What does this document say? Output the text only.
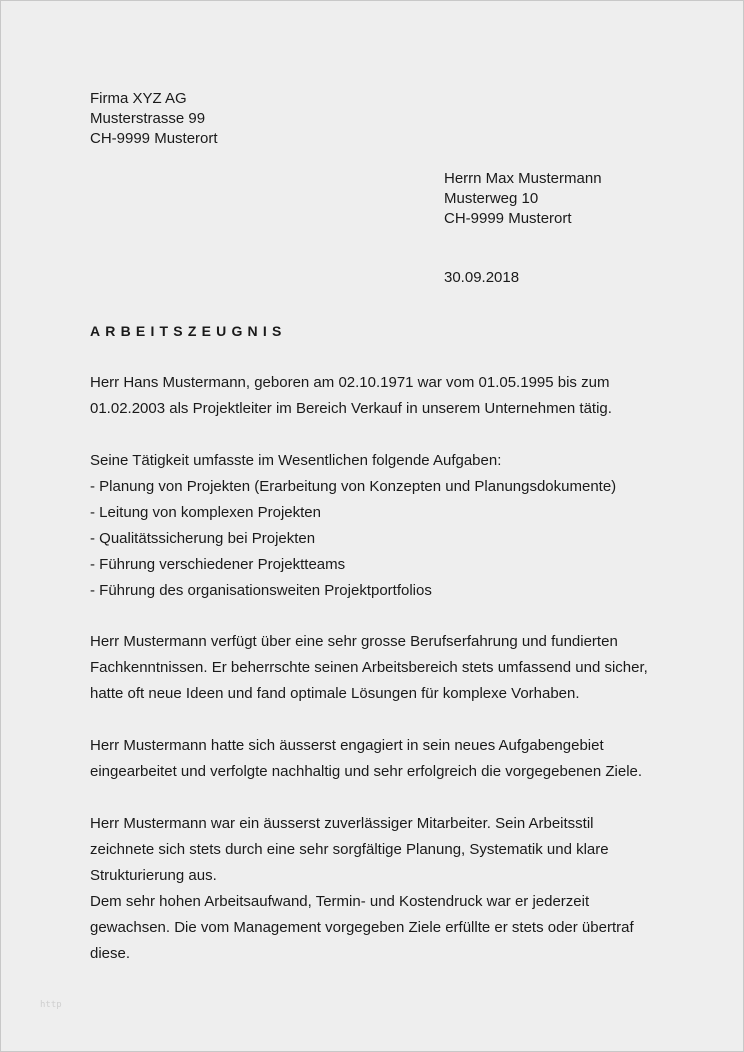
Firma XYZ AG
Musterstrasse 99
CH-9999 Musterort
Herrn Max Mustermann
Musterweg 10
CH-9999 Musterort
30.09.2018
ARBEITSZEUGNIS
Herr Hans Mustermann, geboren am 02.10.1971 war vom 01.05.1995 bis zum
01.02.2003 als Projektleiter im Bereich Verkauf in unserem Unternehmen tätig.
Seine Tätigkeit umfasste im Wesentlichen folgende Aufgaben:
- Planung von Projekten (Erarbeitung von Konzepten und Planungsdokumente)
- Leitung von komplexen Projekten
- Qualitätssicherung bei Projekten
- Führung verschiedener Projektteams
- Führung des organisationsweiten Projektportfolios
Herr Mustermann verfügt über eine sehr grosse Berufserfahrung und fundierten
Fachkenntnissen. Er beherrschte seinen Arbeitsbereich stets umfassend und sicher,
hatte oft neue Ideen und fand optimale Lösungen für komplexe Vorhaben.
Herr Mustermann hatte sich äusserst engagiert in sein neues Aufgabengebiet
eingearbeitet und verfolgte nachhaltig und sehr erfolgreich die vorgegebenen Ziele.
Herr Mustermann war ein äusserst zuverlässiger Mitarbeiter. Sein Arbeitsstil
zeichnete sich stets durch eine sehr sorgfältige Planung, Systematik und klare
Strukturierung aus.
Dem sehr hohen Arbeitsaufwand, Termin- und Kostendruck war er jederzeit
gewachsen. Die vom Management vorgegeben Ziele erfüllte er stets oder übertraf
diese.
http
